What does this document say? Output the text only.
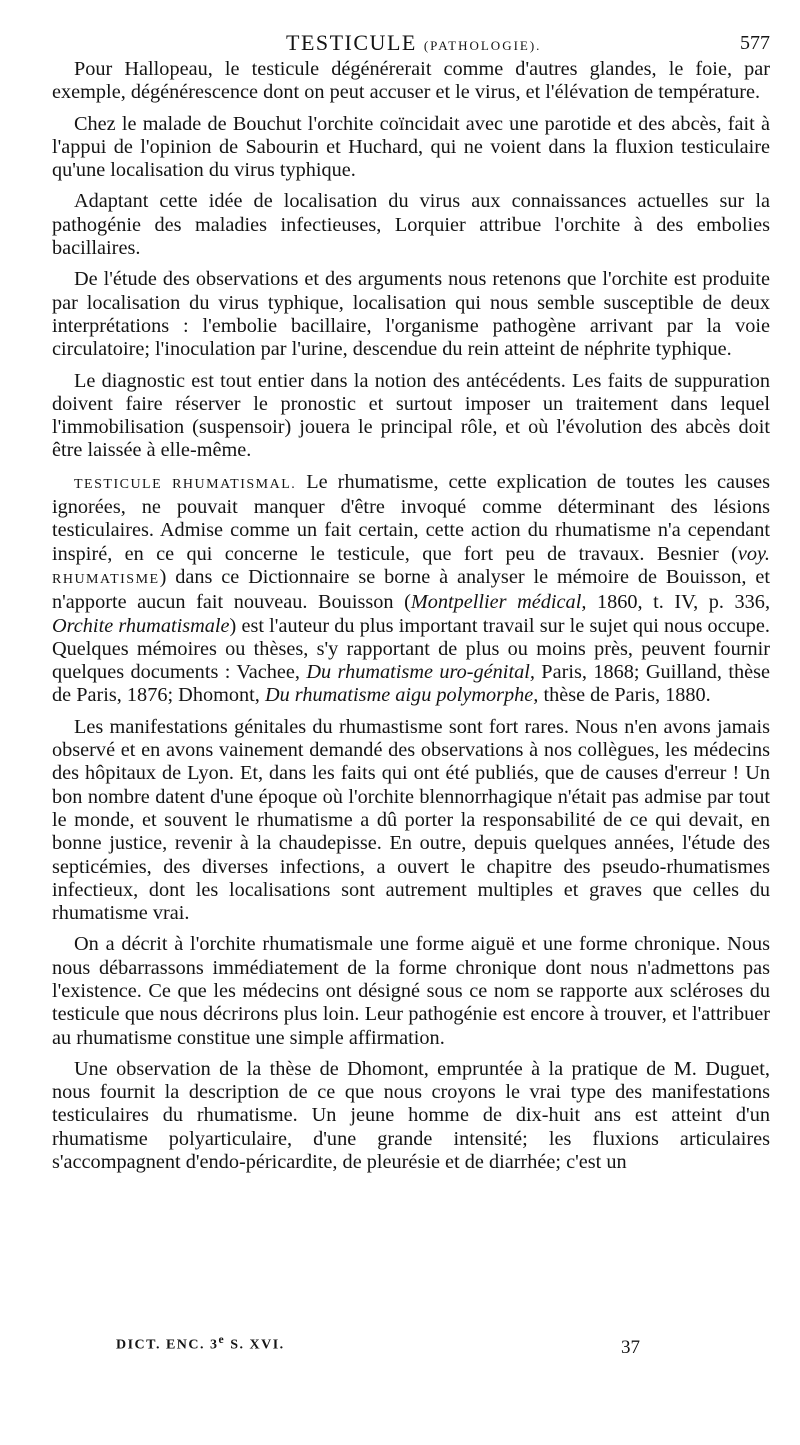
TESTICULE (PATHOLOGIE).	577

Pour Hallopeau, le testicule dégénérerait comme d'autres glandes, le foie, par exemple, dégénérescence dont on peut accuser et le virus, et l'élévation de température.

Chez le malade de Bouchut l'orchite coïncidait avec une parotide et des abcès, fait à l'appui de l'opinion de Sabourin et Huchard, qui ne voient dans la fluxion testiculaire qu'une localisation du virus typhique.

Adaptant cette idée de localisation du virus aux connaissances actuelles sur la pathogénie des maladies infectieuses, Lorquier attribue l'orchite à des embolies bacillaires.

De l'étude des observations et des arguments nous retenons que l'orchite est produite par localisation du virus typhique, localisation qui nous semble susceptible de deux interprétations : l'embolie bacillaire, l'organisme pathogène arrivant par la voie circulatoire; l'inoculation par l'urine, descendue du rein atteint de néphrite typhique.

Le diagnostic est tout entier dans la notion des antécédents. Les faits de suppuration doivent faire réserver le pronostic et surtout imposer un traitement dans lequel l'immobilisation (suspensoir) jouera le principal rôle, et où l'évolution des abcès doit être laissée à elle-même.

TESTICULE RHUMATISMAL. Le rhumatisme, cette explication de toutes les causes ignorées, ne pouvait manquer d'être invoqué comme déterminant des lésions testiculaires. Admise comme un fait certain, cette action du rhumatisme n'a cependant inspiré, en ce qui concerne le testicule, que fort peu de travaux. Besnier (voy. RHUMATISME) dans ce Dictionnaire se borne à analyser le mémoire de Bouisson, et n'apporte aucun fait nouveau. Bouisson (Montpellier médical, 1860, t. IV, p. 336, Orchite rhumatismale) est l'auteur du plus important travail sur le sujet qui nous occupe. Quelques mémoires ou thèses, s'y rapportant de plus ou moins près, peuvent fournir quelques documents : Vachee, Du rhumatisme uro-génital, Paris, 1868; Guilland, thèse de Paris, 1876; Dhomont, Du rhumatisme aigu polymorphe, thèse de Paris, 1880.

Les manifestations génitales du rhumastisme sont fort rares. Nous n'en avons jamais observé et en avons vainement demandé des observations à nos collègues, les médecins des hôpitaux de Lyon. Et, dans les faits qui ont été publiés, que de causes d'erreur ! Un bon nombre datent d'une époque où l'orchite blennorrhagique n'était pas admise par tout le monde, et souvent le rhumatisme a dû porter la responsabilité de ce qui devait, en bonne justice, revenir à la chaudepisse. En outre, depuis quelques années, l'étude des septicémies, des diverses infections, a ouvert le chapitre des pseudo-rhumatismes infectieux, dont les localisations sont autrement multiples et graves que celles du rhumatisme vrai.

On a décrit à l'orchite rhumatismale une forme aiguë et une forme chronique. Nous nous débarrassons immédiatement de la forme chronique dont nous n'admettons pas l'existence. Ce que les médecins ont désigné sous ce nom se rapporte aux scléroses du testicule que nous décrirons plus loin. Leur pathogénie est encore à trouver, et l'attribuer au rhumatisme constitue une simple affirmation.

Une observation de la thèse de Dhomont, empruntée à la pratique de M. Duguet, nous fournit la description de ce que nous croyons le vrai type des manifestations testiculaires du rhumatisme. Un jeune homme de dix-huit ans est atteint d'un rhumatisme polyarticulaire, d'une grande intensité; les fluxions articulaires s'accompagnent d'endo-péricardite, de pleurésie et de diarrhée; c'est un

DICT. ENC. 3e S. XVI.	37
